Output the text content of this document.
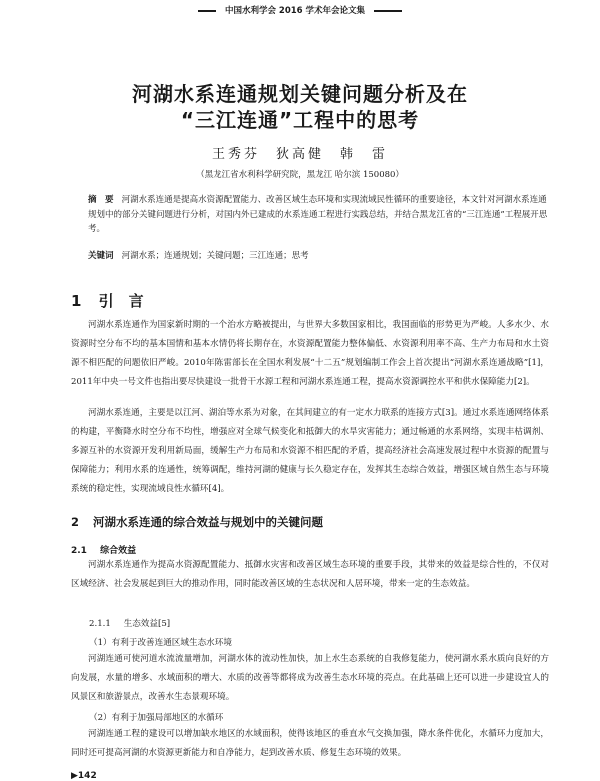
中国水利学会 2016 学术年会论文集
河湖水系连通规划关键问题分析及在
“三江连通”工程中的思考
王秀芬　狄高健　韩　雷
（黑龙江省水利科学研究院，黑龙江 哈尔滨 150080）
摘　要 河湖水系连通是提高水资源配置能力、改善区域生态环境和实现流域民性循环的重要途径，本文针对河湖水系连通规划中的部分关键问题进行分析，对国内外已建成的水系连通工程进行实践总结，并结合黑龙江省的“三江连通”工程展开思考。
关键词 河湖水系；连通规划；关键问题；三江连通；思考
1 引　言

河湖水系连通作为国家新时期的一个治水方略被提出，与世界大多数国家相比，我国面临的形势更为严峻。人多水少、水资源时空分布不均的基本国情和基本水情仍将长期存在，水资源配置能力整体偏低、水资源利用率不高、生产力布局和水土资源不相匹配的问题依旧严峻。2010年陈雷部长在全国水利发展“十二五”规划编制工作会上首次提出“河湖水系连通战略”[1]，2011年中央一号文件也指出要尽快建设一批骨干水源工程和河湖水系连通工程，提高水资源调控水平和供水保障能力[2]。

河湖水系连通，主要是以江河、湖泊等水系为对象，在其间建立的有一定水力联系的连接方式[3]。通过水系连通网络体系的构建，平衡降水时空分布不均性，增强应对全球气候变化和抵御大的水旱灾害能力；通过畅通的水系网络，实现丰枯调剂、多源互补的水资源开发利用新局面，缓解生产力布局和水资源不相匹配的矛盾，提高经济社会高速发展过程中水资源的配置与保障能力；利用水系的连通性，统筹调配，维持河湖的健康与长久稳定存在，发挥其生态综合效益，增强区域自然生态与环境系统的稳定性，实现流域良性水循环[4]。

2 河湖水系连通的综合效益与规划中的关键问题
2.1 综合效益

河湖水系连通作为提高水资源配置能力、抵御水灾害和改善区域生态环境的重要手段，其带来的效益是综合性的，不仅对区域经济、社会发展起到巨大的推动作用，同时能改善区域的生态状况和人居环境，带来一定的生态效益。

2.1.1 生态效益[5]
（1）有利于改善连通区域生态水环境

河湖连通可使河道水流流量增加，河湖水体的流动性加快，加上水生态系统的自我修复能力，使河湖水系水质向良好的方向发展，水量的增多、水域面积的增大、水质的改善等都将成为改善生态水环境的亮点。在此基础上还可以进一步建设宜人的风景区和旅游景点，改善水生态景观环境。

（2）有利于加强局部地区的水循环

河湖连通工程的建设可以增加缺水地区的水域面积，使得该地区的垂直水气交换加强，降水条件优化，水循环力度加大，同时还可提高河湖的水资源更新能力和自净能力，起到改善水质、修复生态环境的效果。

▶142
